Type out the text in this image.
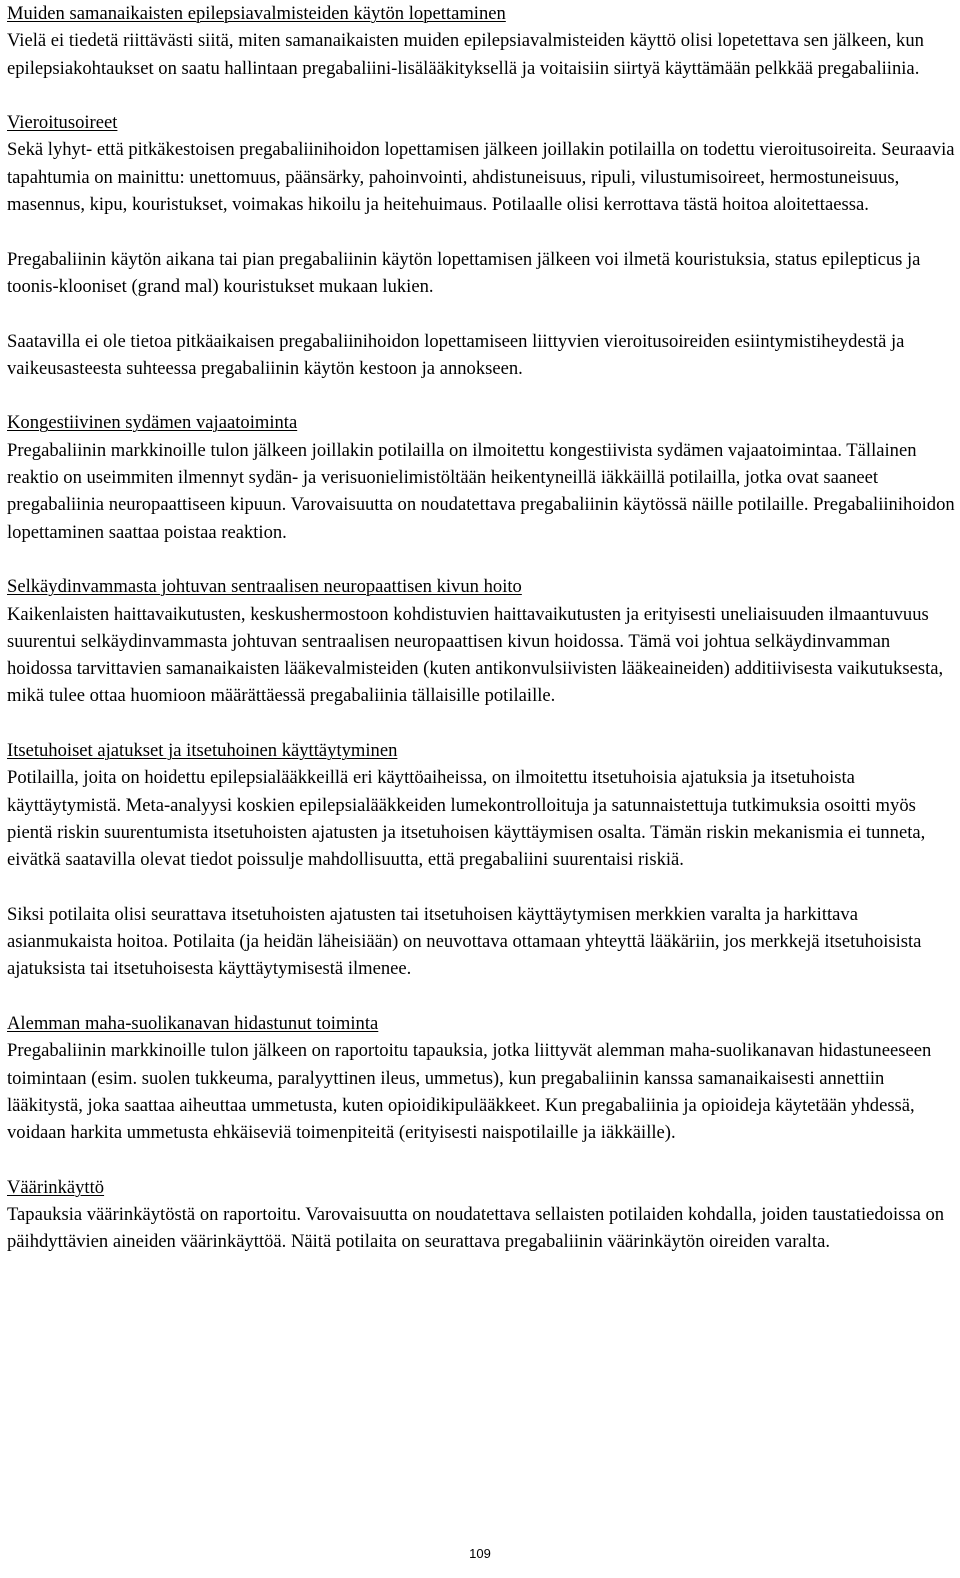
Muiden samanaikaisten epilepsiavalmisteiden käytön lopettaminen
Vielä ei tiedetä riittävästi siitä, miten samanaikaisten muiden epilepsiavalmisteiden käyttö olisi lopetettava sen jälkeen, kun epilepsiakohtaukset on saatu hallintaan pregabaliini-lisälääkityksellä ja voitaisiin siirtyä käyttämään pelkkää pregabaliinia.
Vieroitusoireet
Sekä lyhyt- että pitkäkestoisen pregabaliinihoidon lopettamisen jälkeen joillakin potilailla on todettu vieroitusoireita. Seuraavia tapahtumia on mainittu: unettomuus, päänsärky, pahoinvointi, ahdistuneisuus, ripuli, vilustumisoireet, hermostuneisuus, masennus, kipu, kouristukset, voimakas hikoilu ja heitehuimaus. Potilaalle olisi kerrottava tästä hoitoa aloitettaessa.
Pregabaliinin käytön aikana tai pian pregabaliinin käytön lopettamisen jälkeen voi ilmetä kouristuksia, status epilepticus ja toonis-klooniset (grand mal) kouristukset mukaan lukien.
Saatavilla ei ole tietoa pitkäaikaisen pregabaliinihoidon lopettamiseen liittyvien vieroitusoireiden esiintymistiheydestä ja vaikeusasteesta suhteessa pregabaliinin käytön kestoon ja annokseen.
Kongestiivinen sydämen vajaatoiminta
Pregabaliinin markkinoille tulon jälkeen joillakin potilailla on ilmoitettu kongestiivista sydämen vajaatoimintaa. Tällainen reaktio on useimmiten ilmennyt sydän- ja verisuonielimistöltään heikentyneillä iäkkäillä potilailla, jotka ovat saaneet pregabaliinia neuropaattiseen kipuun. Varovaisuutta on noudatettava pregabaliinin käytössä näille potilaille. Pregabaliinihoidon lopettaminen saattaa poistaa reaktion.
Selkäydinvammasta johtuvan sentraalisen neuropaattisen kivun hoito
Kaikenlaisten haittavaikutusten, keskushermostoon kohdistuvien haittavaikutusten ja erityisesti uneliaisuuden ilmaantuvuus suurentui selkäydinvammasta johtuvan sentraalisen neuropaattisen kivun hoidossa. Tämä voi johtua selkäydinvamman hoidossa tarvittavien samanaikaisten lääkevalmisteiden (kuten antikonvulsiivisten lääkeaineiden) additiivisesta vaikutuksesta, mikä tulee ottaa huomioon määrättäessä pregabaliinia tällaisille potilaille.
Itsetuhoiset ajatukset ja itsetuhoinen käyttäytyminen
Potilailla, joita on hoidettu epilepsialääkkeillä eri käyttöaiheissa, on ilmoitettu itsetuhoisia ajatuksia ja itsetuhoista käyttäytymistä. Meta-analyysi koskien epilepsialääkkeiden lumekontrolloituja ja satunnaistettuja tutkimuksia osoitti myös pientä riskin suurentumista itsetuhoisten ajatusten ja itsetuhoisen käyttäymisen osalta. Tämän riskin mekanismia ei tunneta, eivätkä saatavilla olevat tiedot poissulje mahdollisuutta, että pregabaliini suurentaisi riskiä.
Siksi potilaita olisi seurattava itsetuhoisten ajatusten tai itsetuhoisen käyttäytymisen merkkien varalta ja harkittava asianmukaista hoitoa. Potilaita (ja heidän läheisiään) on neuvottava ottamaan yhteyttä lääkäriin, jos merkkejä itsetuhoisista ajatuksista tai itsetuhoisesta käyttäytymisestä ilmenee.
Alemman maha-suolikanavan hidastunut toiminta
Pregabaliinin markkinoille tulon jälkeen on raportoitu tapauksia, jotka liittyvät alemman maha-suolikanavan hidastuneeseen toimintaan (esim. suolen tukkeuma, paralyyttinen ileus, ummetus), kun pregabaliinin kanssa samanaikaisesti annettiin lääkitystä, joka saattaa aiheuttaa ummetusta, kuten opioidikipulääkkeet. Kun pregabaliinia ja opioideja käytetään yhdessä, voidaan harkita ummetusta ehkäiseviä toimenpiteitä (erityisesti naispotilaille ja iäkkäille).
Väärinkäyttö
Tapauksia väärinkäytöstä on raportoitu. Varovaisuutta on noudatettava sellaisten potilaiden kohdalla, joiden taustatiedoissa on päihdyttävien aineiden väärinkäyttöä. Näitä potilaita on seurattava pregabaliinin väärinkäytön oireiden varalta.
109
